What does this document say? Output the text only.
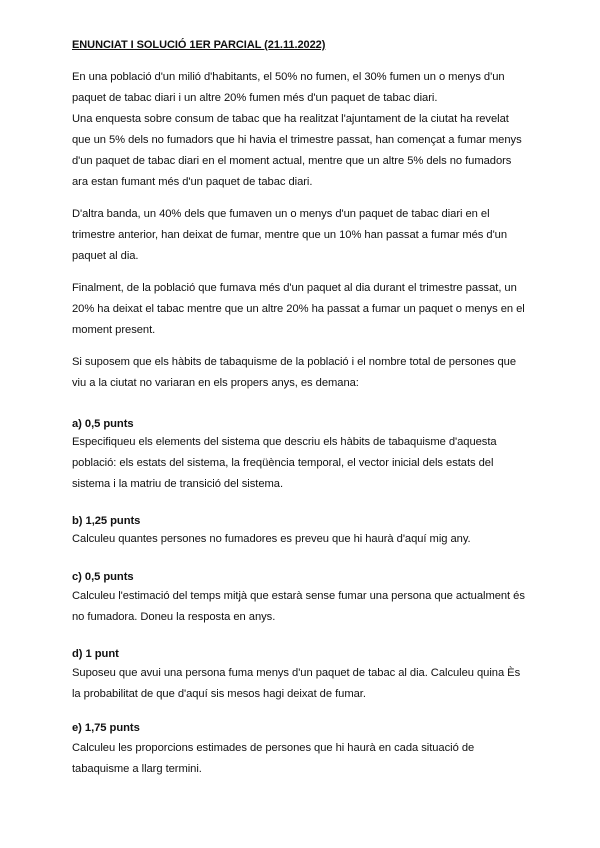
ENUNCIAT I SOLUCIÓ 1ER PARCIAL (21.11.2022)
En una població d'un milió d'habitants, el 50% no fumen, el 30% fumen un o menys d'un
paquet de tabac diari i un altre 20% fumen més d'un paquet de tabac diari.
Una enquesta sobre consum de tabac que ha realitzat l'ajuntament de la ciutat ha revelat
que un 5% dels no fumadors que hi havia el trimestre passat, han començat a fumar menys
d'un paquet de tabac diari en el moment actual, mentre que un altre 5% dels no fumadors
ara estan fumant més d'un paquet de tabac diari.
D'altra banda, un 40% dels que fumaven un o menys d'un paquet de tabac diari en el
trimestre anterior, han deixat de fumar, mentre que un 10% han passat a fumar més d'un
paquet al dia.
Finalment, de la població que fumava més d'un paquet al dia durant el trimestre passat, un
20% ha deixat el tabac mentre que un altre 20% ha passat a fumar un paquet o menys en el
moment present.
Si suposem que els hàbits de tabaquisme de la població i el nombre total de persones que
viu a la ciutat no variaran en els propers anys, es demana:
a) 0,5 punts
Especifiqueu els elements del sistema que descriu els hàbits de tabaquisme d'aquesta
població: els estats del sistema, la freqüència temporal, el vector inicial dels estats del
sistema i la matriu de transició del sistema.
b) 1,25 punts
Calculeu quantes persones no fumadores es preveu que hi haurà d'aquí mig any.
c) 0,5 punts
Calculeu l'estimació del temps mitjà que estarà sense fumar una persona que actualment és
no fumadora. Doneu la resposta en anys.
d) 1 punt
Suposeu que avui una persona fuma menys d'un paquet de tabac al dia. Calculeu quina Ès
la probabilitat de que d'aquí sis mesos hagi deixat de fumar.
e) 1,75 punts
Calculeu les proporcions estimades de persones que hi haurà en cada situació de
tabaquisme a llarg termini.
